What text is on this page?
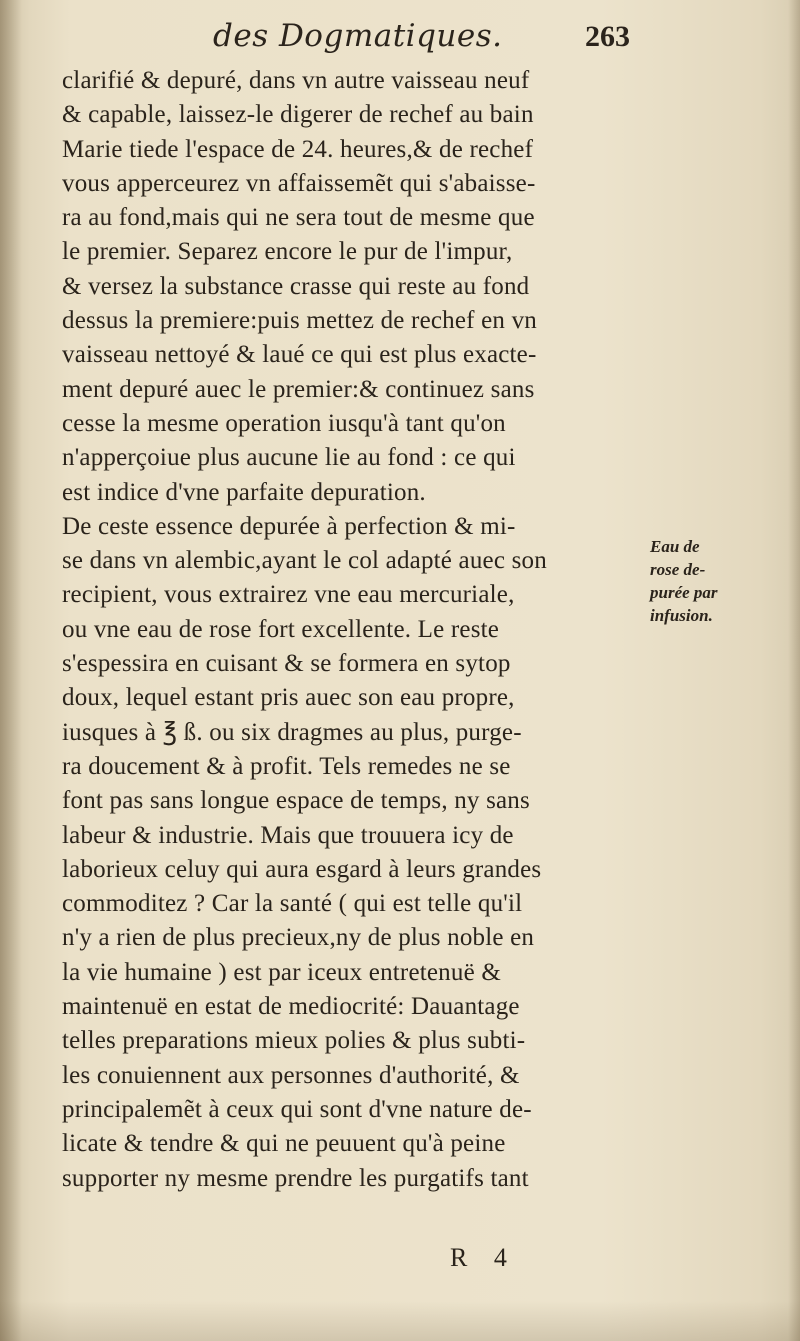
des Dogmatiques.	263
clarifié & depuré, dans vn autre vaisseau neuf
& capable, laissez-le digerer de rechef au bain
Marie tiede l'espace de 24. heures,& de rechef
vous apperceurez vn affaissemẽt qui s'abaisse-
ra au fond,mais qui ne sera tout de mesme que
le premier. Separez encore le pur de l'impur,
& versez la substance crasse qui reste au fond
dessus la premiere:puis mettez de rechef en vn
vaisseau nettoyé & laué ce qui est plus exacte-
ment depuré auec le premier:& continuez sans
cesse la mesme operation iusqu'à tant qu'on
n'apperçoiue plus aucune lie au fond : ce qui
est indice d'vne parfaite depuration.
De ceste essence depurée à perfection & mi-
se dans vn alembic,ayant le col adapté auec son
recipient, vous extrairez vne eau mercuriale,
ou vne eau de rose fort excellente. Le reste
s'espessira en cuisant & se formera en sytop
doux, lequel estant pris auec son eau propre,
iusques à ℥ ß. ou six dragmes au plus, purge-
ra doucement & à profit. Tels remedes ne se
font pas sans longue espace de temps, ny sans
labeur & industrie. Mais que trouuera icy de
laborieux celuy qui aura esgard à leurs grandes
commoditez ? Car la santé ( qui est telle qu'il
n'y a rien de plus precieux,ny de plus noble en
la vie humaine ) est par iceux entretenuë &
maintenuë en estat de mediocrité: Dauantage
telles preparations mieux polies & plus subti-
les conuiennent aux personnes d'authorité, &
principalemẽt à ceux qui sont d'vne nature de-
licate & tendre & qui ne peuuent qu'à peine
supporter ny mesme prendre les purgatifs tant
Eau de
rose de-
purée par
infusion.
R 4
